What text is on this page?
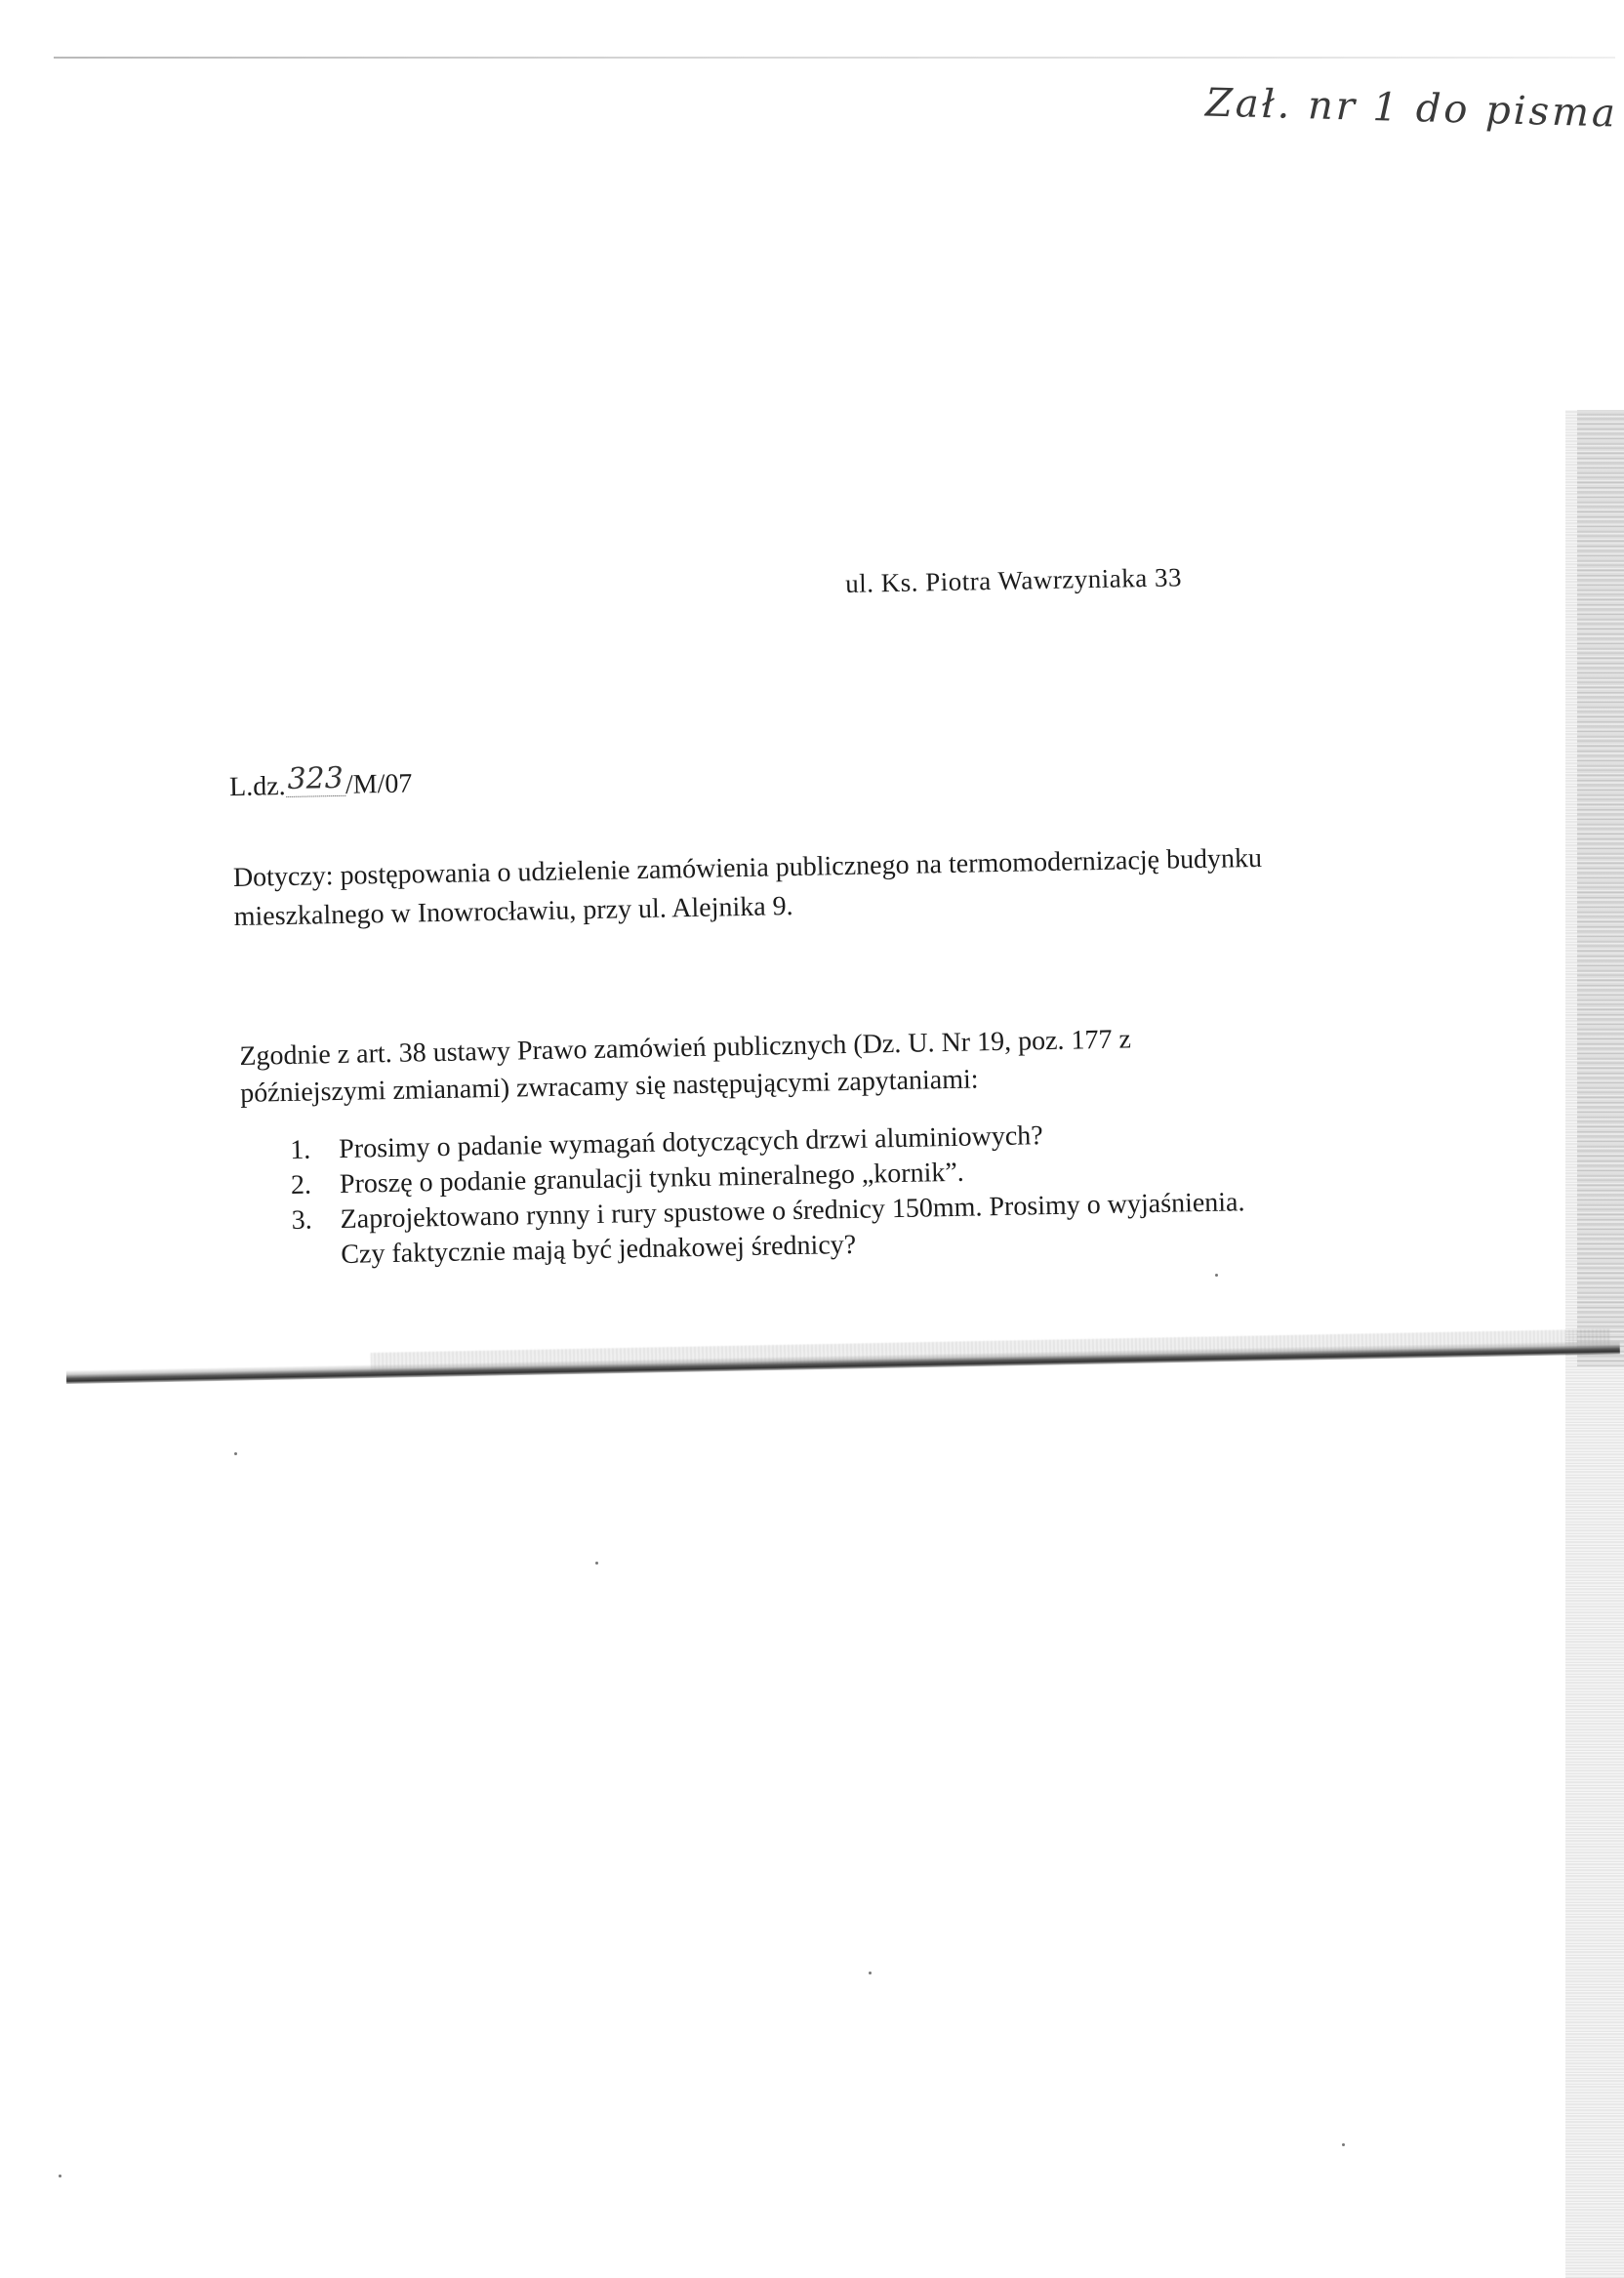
Zał. nr 1 do pisma
ul. Ks. Piotra Wawrzyniaka 33
L.dz.323/M/07

Dotyczy: postępowania o udzielenie zamówienia publicznego na termomodernizację budynku

mieszkalnego w Inowrocławiu, przy ul. Alejnika 9.

Zgodnie z art. 38 ustawy Prawo zamówień publicznych (Dz. U. Nr 19, poz. 177 z

późniejszymi zmianami) zwracamy się następującymi zapytaniami:

1. Prosimy o padanie wymagań dotyczących drzwi aluminiowych?
2. Proszę o podanie granulacji tynku mineralnego „kornik”.
3. Zaprojektowano rynny i rury spustowe o średnicy 150mm. Prosimy o wyjaśnienia.
Czy faktycznie mają być jednakowej średnicy?
